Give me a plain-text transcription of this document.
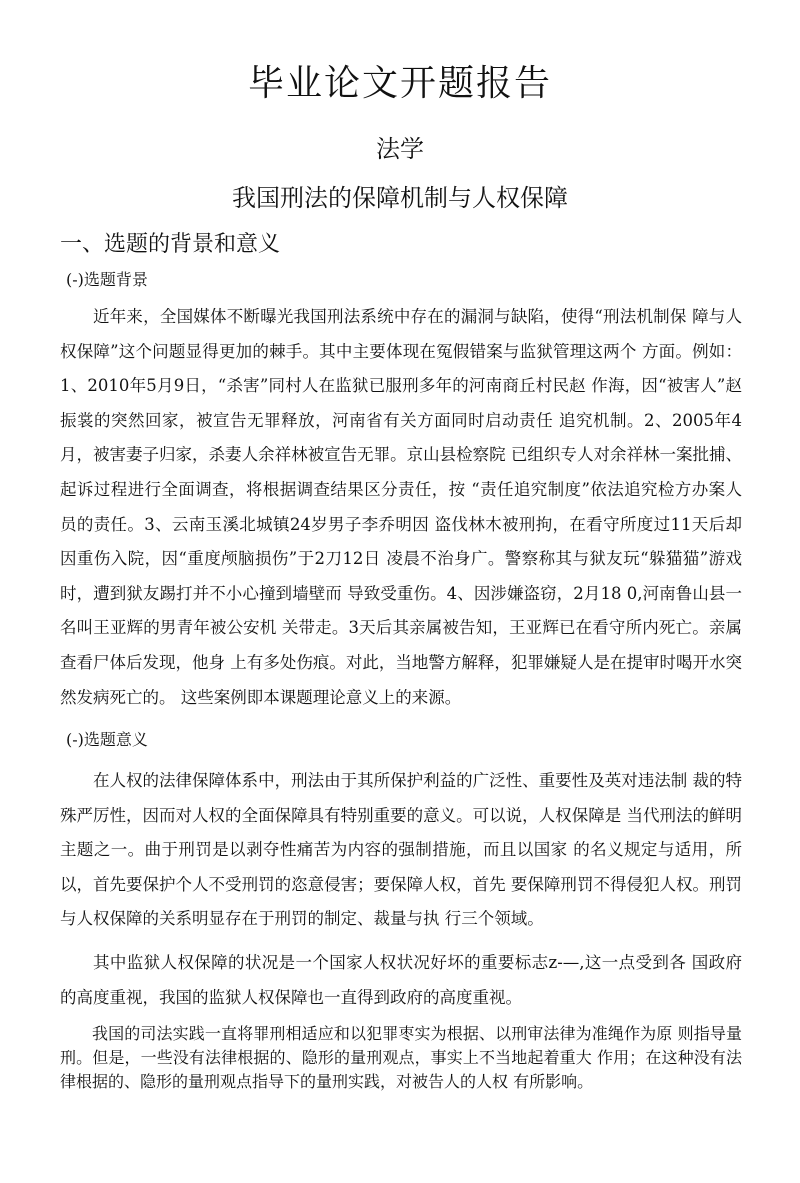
毕业论文开题报告
法学
我国刑法的保障机制与人权保障
一、选题的背景和意义
(-)选题背景

近年来，全国媒体不断曝光我国刑法系统中存在的漏洞与缺陷，使得“刑法机制保 障与人权保障”这个问题显得更加的棘手。其中主要体现在冤假错案与监狱管理这两个 方面。例如：1、2010年5月9日，“杀害”同村人在监狱已服刑多年的河南商丘村民赵 作海，因“被害人”赵振裳的突然回家，被宣告无罪释放，河南省有关方面同时启动责任 追究机制。2、2005年4月，被害妻子归家，杀妻人余祥林被宣告无罪。京山县检察院 已组织专人对余祥林一案批捕、起诉过程进行全面调查，将根据调查结果区分责任，按 “责任追究制度”依法追究检方办案人员的责任。3、云南玉溪北城镇24岁男子李乔明因 盗伐林木被刑拘，在看守所度过11天后却因重伤入院，因“重度颅脑损伤”于2刀12日 凌晨不治身广。警察称其与狱友玩“躲猫猫”游戏时，遭到狱友踢打并不小心撞到墙壁而 导致受重伤。4、因涉嫌盗窃，2月18 0,河南鲁山县一名叫王亚辉的男青年被公安机 关带走。3天后其亲属被告知，王亚辉已在看守所内死亡。亲属查看尸体后发现，他身 上有多处伤痕。对此，当地警方解释，犯罪嫌疑人是在提审时喝开水突然发病死亡的。 这些案例即本课题理论意义上的来源。

(-)选题意义

在人权的法律保障体系中，刑法由于其所保护利益的广泛性、重要性及英对违法制 裁的特殊严厉性，因而对人权的全面保障具有特别重要的意义。可以说，人权保障是 当代刑法的鲜明主题之一。曲于刑罚是以剥夺性痛苦为内容的强制措施，而且以国家 的名义规定与适用，所以，首先要保护个人不受刑罚的恣意侵害；要保障人权，首先 要保障刑罚不得侵犯人权。刑罚与人权保障的关系明显存在于刑罚的制定、裁量与执 行三个领域。

其中监狱人权保障的状况是一个国家人权状况好坏的重要标志z-—,这一点受到各 国政府的高度重视，我国的监狱人权保障也一直得到政府的高度重视。

我国的司法实践一直将罪刑相适应和以犯罪枣实为根据、以刑审法律为准绳作为原 则指导量刑。但是，一些没有法律根据的、隐形的量刑观点，事实上不当地起着重大 作用；在这种没有法律根据的、隐形的量刑观点指导下的量刑实践，对被告人的人权 有所影响。
